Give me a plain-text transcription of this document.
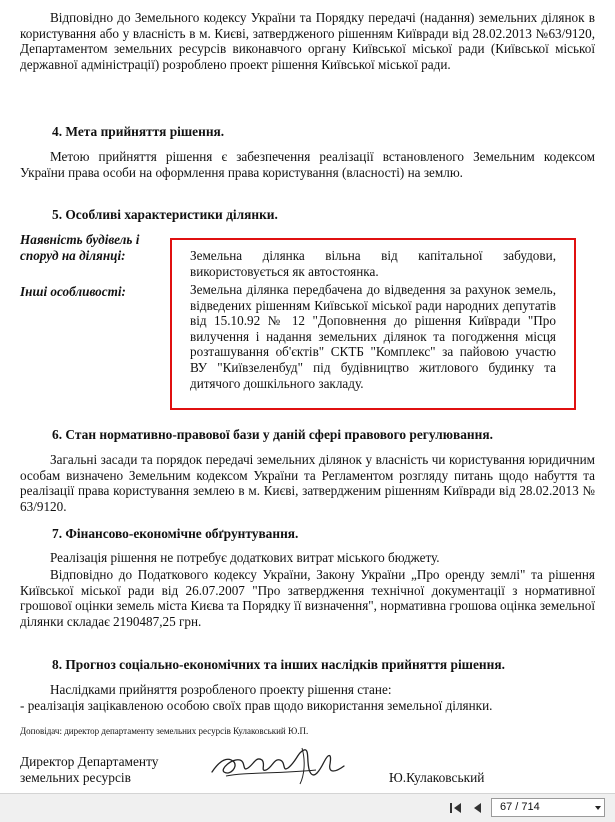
Відповідно до Земельного кодексу України та Порядку передачі (надання) земельних ділянок в користування або у власність в м. Києві, затвердженого рішенням Київради від 28.02.2013 №63/9120, Департаментом земельних ресурсів виконавчого органу Київської міської ради (Київської міської державної адміністрації) розроблено проект рішення Київської міської ради.
4. Мета прийняття рішення.
Метою прийняття рішення є забезпечення реалізації встановленого Земельним кодексом України права особи на оформлення права користування (власності) на землю.
5. Особливі характеристики ділянки.
Наявність будівель і споруд на ділянці:
Інші особливості:
Земельна ділянка вільна від капітальної забудови, використовується як автостоянка.
Земельна ділянка передбачена до відведення за рахунок земель, відведених рішенням Київської міської ради народних депутатів від 15.10.92 № 12 "Доповнення до рішення Київради "Про вилучення і надання земельних ділянок та погодження місця розташування об'єктів" СКТБ "Комплекс" за пайовою участю ВУ "Київзеленбуд" під будівництво житлового будинку та дитячого дошкільного закладу.
6. Стан нормативно-правової бази у даній сфері правового регулювання.
Загальні засади та порядок передачі земельних ділянок у власність чи користування юридичним особам визначено Земельним кодексом України та Регламентом розгляду питань щодо набуття та реалізації права користування землею в м. Києві, затвердженим рішенням Київради від 28.02.2013 № 63/9120.
7. Фінансово-економічне обґрунтування.
Реалізація рішення не потребує додаткових витрат міського бюджету.
Відповідно до Податкового кодексу України, Закону України „Про оренду землі" та рішення Київської міської ради від 26.07.2007 "Про затвердження технічної документації з нормативної грошової оцінки земель міста Києва та Порядку її визначення", нормативна грошова оцінка земельної ділянки складає 2190487,25 грн.
8. Прогноз соціально-економічних та інших наслідків прийняття рішення.
Наслідками прийняття розробленого проекту рішення стане:
- реалізація зацікавленою особою своїх прав щодо використання земельної ділянки.
Доповідач: директор департаменту земельних ресурсів Кулаковський Ю.П.
Директор Департаменту
земельних ресурсів	Ю.Кулаковський
67 / 714
